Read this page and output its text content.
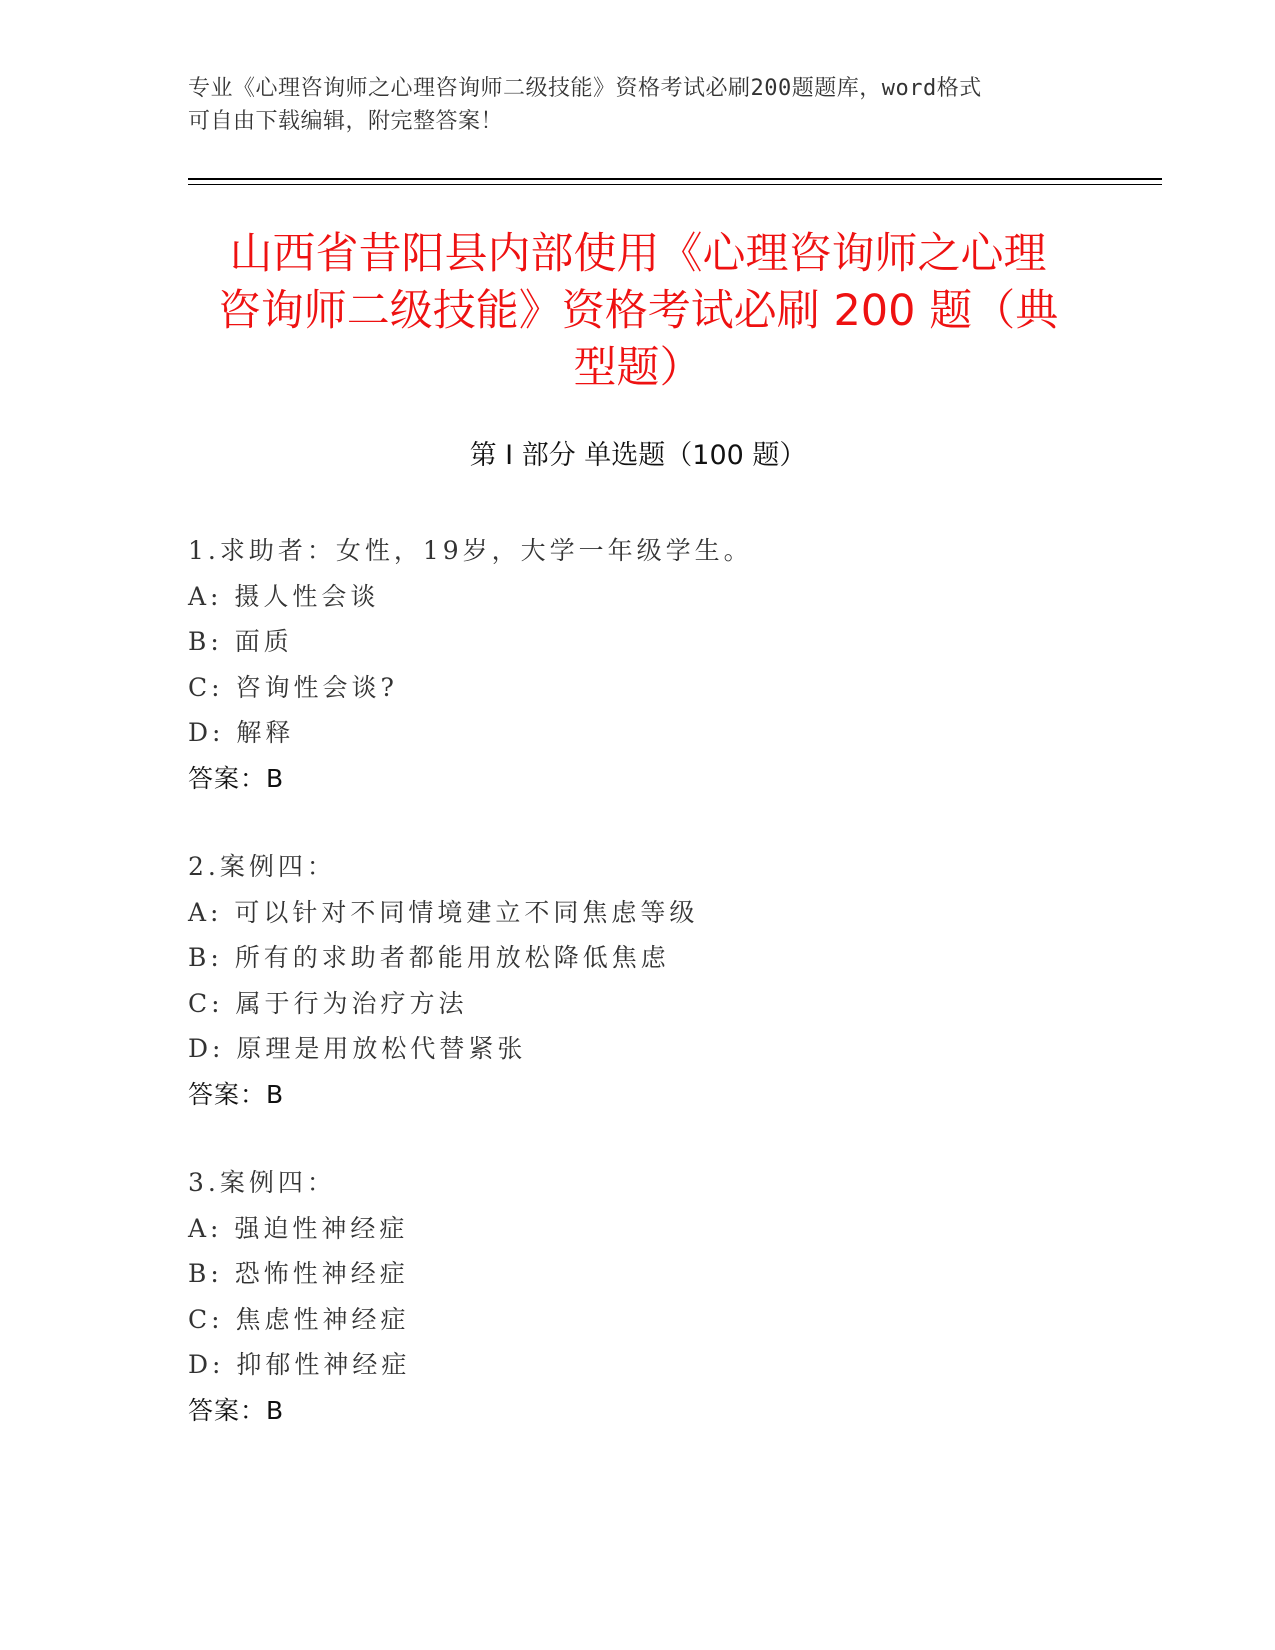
专业《心理咨询师之心理咨询师二级技能》资格考试必刷200题题库，word格式
可自由下载编辑，附完整答案！
山西省昔阳县内部使用《心理咨询师之心理
咨询师二级技能》资格考试必刷 200 题（典
型题）
第 I 部分 单选题（100 题）
1.求助者：女性，19岁，大学一年级学生。
A: 摄人性会谈
B: 面质
C: 咨询性会谈?
D: 解释
答案：B
2.案例四：
A: 可以针对不同情境建立不同焦虑等级
B: 所有的求助者都能用放松降低焦虑
C: 属于行为治疗方法
D: 原理是用放松代替紧张
答案：B
3.案例四：
A: 强迫性神经症
B: 恐怖性神经症
C: 焦虑性神经症
D: 抑郁性神经症
答案：B
